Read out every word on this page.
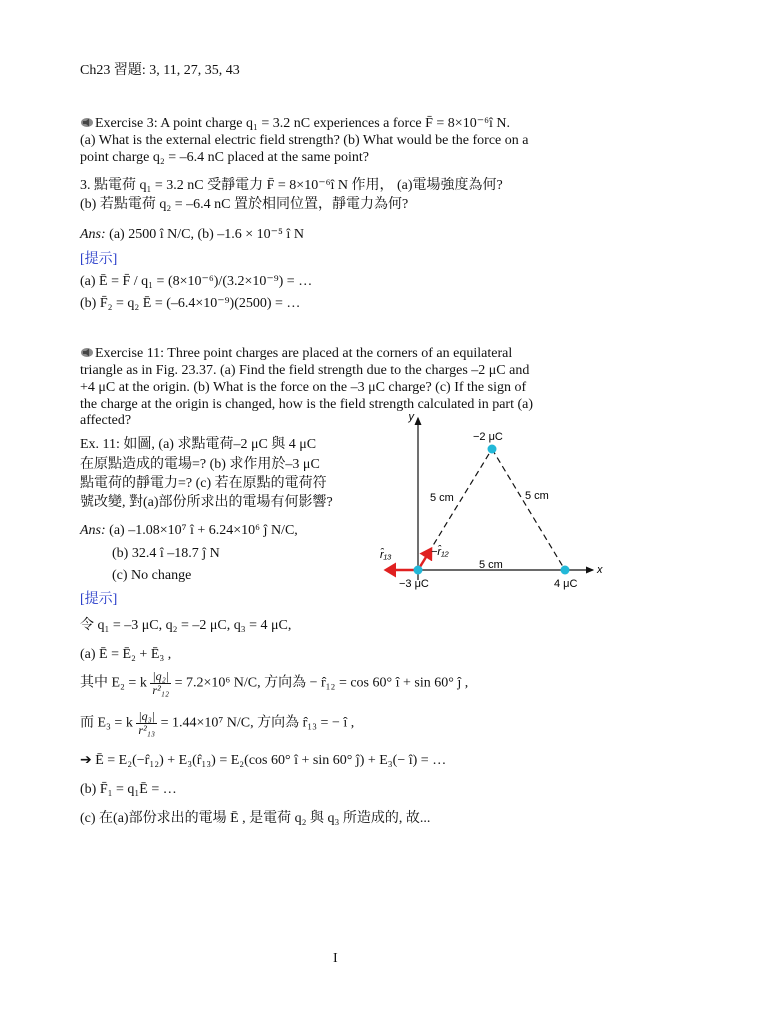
Ch23 習題: 3, 11, 27, 35, 43
Exercise 3: A point charge q₁ = 3.2 nC experiences a force F̄ = 8×10⁻⁶î N.
(a) What is the external electric field strength? (b) What would be the force on a
point charge q₂ = –6.4 nC placed at the same point?
3. 點電荷 q₁ = 3.2 nC 受靜電力 F̄ = 8×10⁻⁶î N 作用， (a)電場強度為何?
(b) 若點電荷 q₂ = –6.4 nC 置於相同位置，靜電力為何?
Ans: (a) 2500 î N/C, (b) –1.6 × 10⁻⁵ î N
[提示]
(a) Ē = F̄ / q₁ = (8×10⁻⁶)/(3.2×10⁻⁹) = …
(b) F̄₂ = q₂ Ē = (–6.4×10⁻⁹)(2500) = …
Exercise 11: Three point charges are placed at the corners of an equilateral
triangle as in Fig. 23.37. (a) Find the field strength due to the charges –2 μC and
+4 μC at the origin. (b) What is the force on the –3 μC charge? (c) If the sign of
the charge at the origin is changed, how is the field strength calculated in part (a)
affected?
Ex. 11: 如圖, (a) 求點電荷–2 μC 與 4 μC
在原點造成的電場=? (b) 求作用於–3 μC
點電荷的靜電力=? (c) 若在原點的電荷符
號改變, 對(a)部份所求出的電場有何影響?
Ans: (a) –1.08×10⁷ î + 6.24×10⁶ ĵ N/C,
(b) 32.4 î –18.7 ĵ N
(c) No change
[提示]
令 q₁ = –3 μC, q₂ = –2 μC, q₃ = 4 μC,
(a) Ē = Ē₂ + Ē₃ ,
其中 E₂ = k $\frac{\text{|q₂|}}{\text{r²₁₂}} = 7.2\times 10^6$ N/C, 方向為 − r̂₁₂ = cos 60° î + sin 60° ĵ ,
而 E₃ = k $\frac{\text{|q₃|}}{\text{r²₁₃}} = 1.44\times 10^7$ N/C, 方向為 r̂₁₃ = − î ,
➔ Ē = E₂(−r̂₁₂) + E₃(r̂₁₃) = E₂(cos 60° î + sin 60° ĵ) + E₃(− î) = …
(b) F̄₁ = q₁Ē = …
(c) 在(a)部份求出的電場 Ē , 是電荷 q₂ 與 q₃ 所造成的, 故...
y
x
5 cm	5 cm
5 cm
r̂₁₃	−r̂₁₂
−2 μC
−3 μC	4 μC
I
